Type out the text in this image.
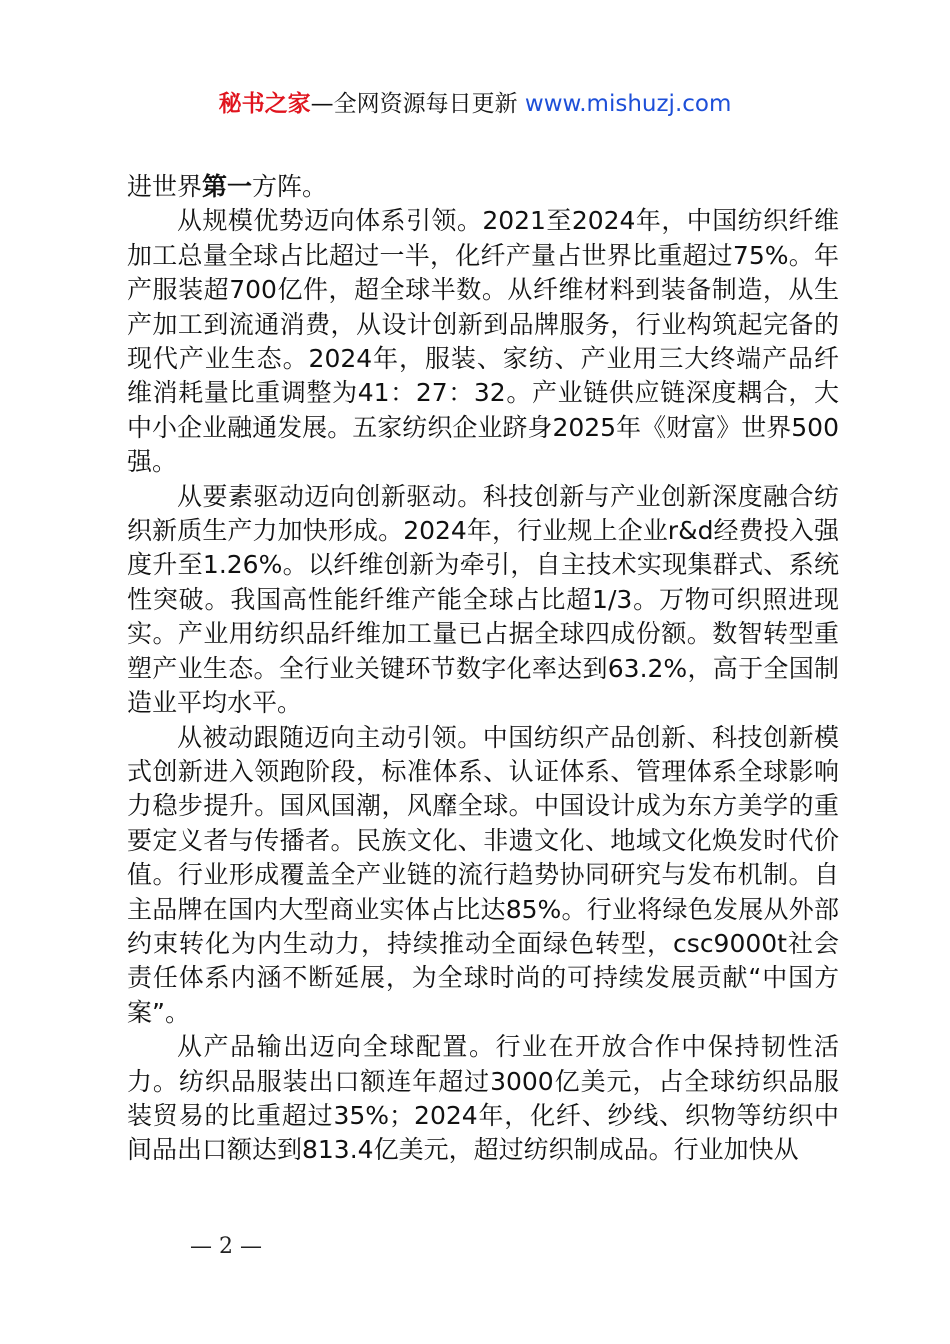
秘书之家—全网资源每日更新 www.mishuzj.com

进世界第一方阵。

从规模优势迈向体系引领。2021至2024年，中国纺织纤维加工总量全球占比超过一半，化纤产量占世界比重超过75%。年产服装超700亿件，超全球半数。从纤维材料到装备制造，从生产加工到流通消费，从设计创新到品牌服务，行业构筑起完备的现代产业生态。2024年，服装、家纺、产业用三大终端产品纤维消耗量比重调整为41：27：32。产业链供应链深度耦合，大中小企业融通发展。五家纺织企业跻身2025年《财富》世界500强。

从要素驱动迈向创新驱动。科技创新与产业创新深度融合纺织新质生产力加快形成。2024年，行业规上企业r&d经费投入强度升至1.26%。以纤维创新为牵引，自主技术实现集群式、系统性突破。我国高性能纤维产能全球占比超1/3。万物可织照进现实。产业用纺织品纤维加工量已占据全球四成份额。数智转型重塑产业生态。全行业关键环节数字化率达到63.2%，高于全国制造业平均水平。

从被动跟随迈向主动引领。中国纺织产品创新、科技创新模式创新进入领跑阶段，标准体系、认证体系、管理体系全球影响力稳步提升。国风国潮，风靡全球。中国设计成为东方美学的重要定义者与传播者。民族文化、非遗文化、地域文化焕发时代价值。行业形成覆盖全产业链的流行趋势协同研究与发布机制。自主品牌在国内大型商业实体占比达85%。行业将绿色发展从外部约束转化为内生动力，持续推动全面绿色转型，csc9000t社会责任体系内涵不断延展，为全球时尚的可持续发展贡献“中国方案”。

从产品输出迈向全球配置。行业在开放合作中保持韧性活力。纺织品服装出口额连年超过3000亿美元，占全球纺织品服装贸易的比重超过35%；2024年，化纤、纱线、织物等纺织中间品出口额达到813.4亿美元，超过纺织制成品。行业加快从

— 2 —
